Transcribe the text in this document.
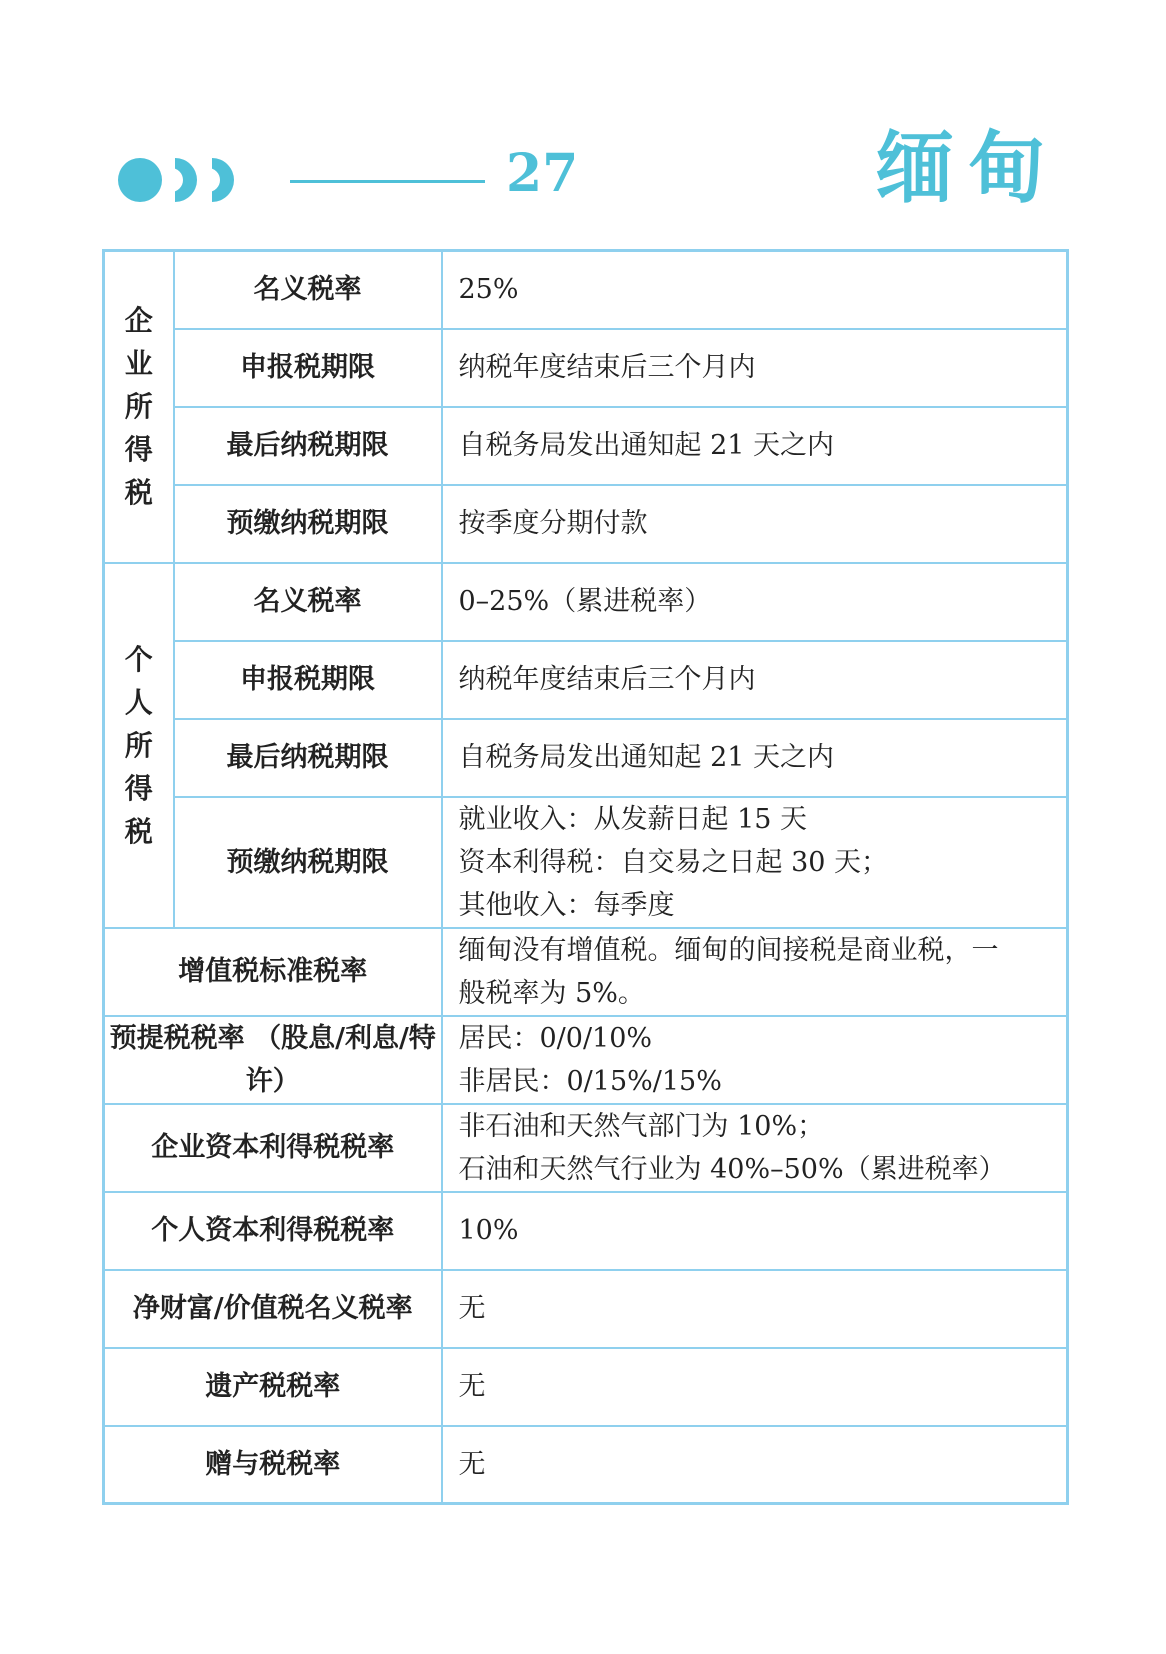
27	缅甸
企业所得税	名义税率	25%
	申报税期限	纳税年度结束后三个月内
	最后纳税期限	自税务局发出通知起 21 天之内
	预缴纳税期限	按季度分期付款
个人所得税	名义税率	0–25%（累进税率）
	申报税期限	纳税年度结束后三个月内
	最后纳税期限	自税务局发出通知起 21 天之内
	预缴纳税期限	就业收入：从发薪日起 15 天
资本利得税：自交易之日起 30 天；
其他收入：每季度

增值税标准税率		缅甸没有增值税。缅甸的间接税是商业税，一
般税率为 5%。

预提税税率 （股息/利息/特许）		居民：0/0/10%
非居民：0/15%/15%

企业资本利得税税率		非石油和天然气部门为 10%；
石油和天然气行业为 40%–50%（累进税率）

个人资本利得税税率		10%
净财富/价值税名义税率		无
遗产税税率		无
赠与税税率		无
